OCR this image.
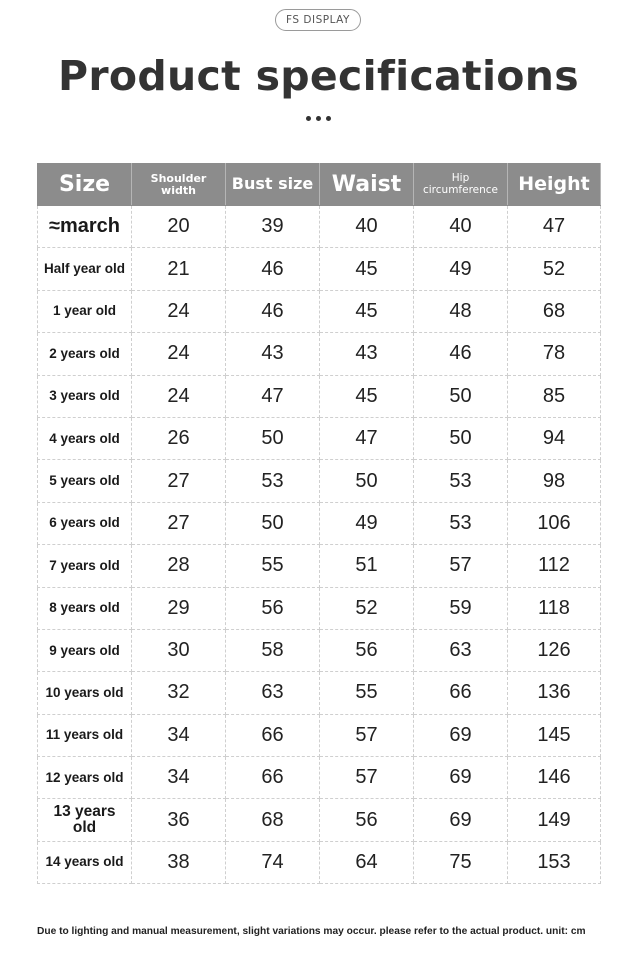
FS DISPLAY
Product specifications
Size	Shoulder width	Bust size	Waist	Hip circumference	Height
≈march	20	39	40	40	47
Half year old	21	46	45	49	52
1 year old	24	46	45	48	68
2 years old	24	43	43	46	78
3 years old	24	47	45	50	85
4 years old	26	50	47	50	94
5 years old	27	53	50	53	98
6 years old	27	50	49	53	106
7 years old	28	55	51	57	112
8 years old	29	56	52	59	118
9 years old	30	58	56	63	126
10 years old	32	63	55	66	136
11 years old	34	66	57	69	145
12 years old	34	66	57	69	146
13 years old	36	68	56	69	149
14 years old	38	74	64	75	153
Due to lighting and manual measurement, slight variations may occur. please refer to the actual product. unit: cm
